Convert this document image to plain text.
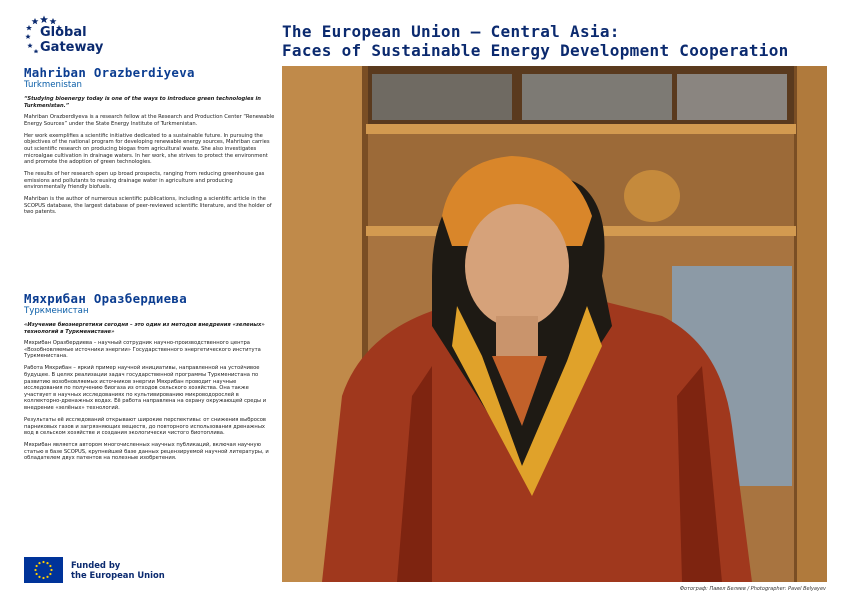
Global
Gateway
The European Union – Central Asia:
Faces of Sustainable Energy Development Cooperation
Mahriban Orazberdiyeva
Turkmenistan
“Studying bioenergy today is one of the ways to introduce green technologies in Turkmenistan.”

Mahriban Orazberdiyeva is a research fellow at the Research and Production Center “Renewable Energy Sources” under the State Energy Institute of Turkmenistan.

Her work exemplifies a scientific initiative dedicated to a sustainable future. In pursuing the objectives of the national program for developing renewable energy sources, Mahriban carries out scientific research on producing biogas from agricultural waste. She also investigates microalgae cultivation in drainage waters. In her work, she strives to protect the environment and promote the adoption of green technologies.

The results of her research open up broad prospects, ranging from reducing greenhouse gas emissions and pollutants to reusing drainage water in agriculture and producing environmentally friendly biofuels.

Mahriban is the author of numerous scientific publications, including a scientific article in the SCOPUS database, the largest database of peer-reviewed scientific literature, and the holder of two patents.

Мяхрибан Оразбердиева
Туркменистан
«Изучение биоэнергетики сегодня – это один из методов внедрения «зеленых» технологий в Туркменистане»

Мяхрибан Оразбердиева – научный сотрудник научно-производственного центра «Возобновляемые источники энергии» Государственного энергетического института Туркменистана.

Работа Мяхрибан – яркий пример научной инициативы, направленной на устойчивое будущее. В целях реализации задач государственной программы Туркменистана по развитию возобновляемых источников энергии Мяхрибан проводит научные исследования по получению биогаза из отходов сельского хозяйства. Она также участвует в научных исследованиях по культивированию микроводорослей в коллекторно-дренажных водах. Её работа направлена на охрану окружающей среды и внедрение «зелёных» технологий.

Результаты её исследований открывают широкие перспективы: от снижения выбросов парниковых газов и загрязняющих веществ, до повторного использования дренажных вод в сельском хозяйстве и создания экологически чистого биотоплива.

Мяхрибан является автором многочисленных научных публикаций, включая научную статью в базе SCOPUS, крупнейшей базе данных рецензируемой научной литературы, и обладателем двух патентов на полезные изобретения.

Фотограф: Павел Беляев / Photographer: Pavel Belyayev
Funded by
the European Union
